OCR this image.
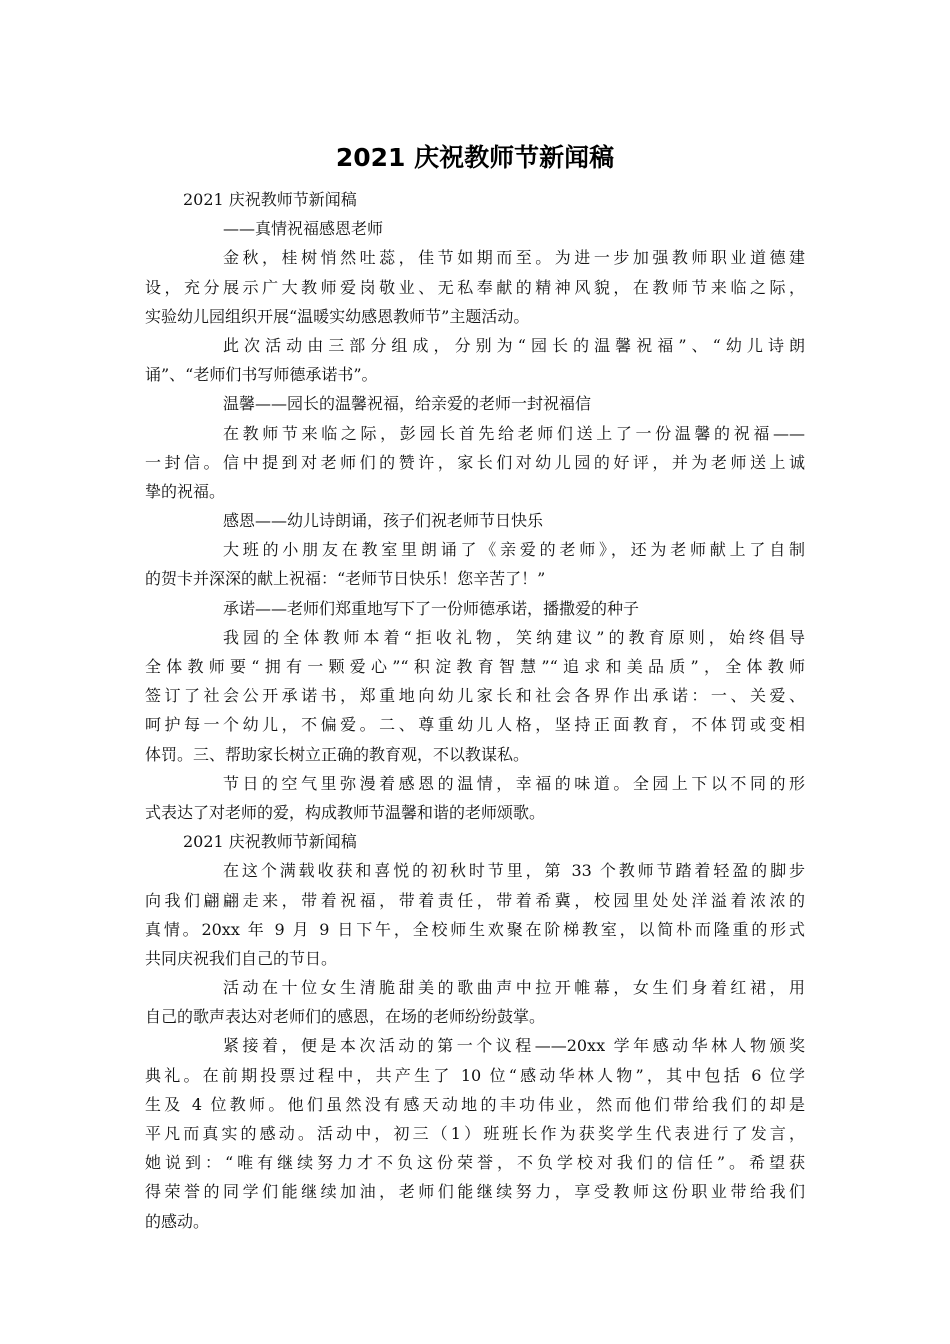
2021 庆祝教师节新闻稿

2021 庆祝教师节新闻稿

——真情祝福感恩老师

金秋，桂树悄然吐蕊，佳节如期而至。为进一步加强教师职业道德建

设，充分展示广大教师爱岗敬业、无私奉献的精神风貌，在教师节来临之际，

实验幼儿园组织开展“温暖实幼感恩教师节”主题活动。

此次活动由三部分组成，分别为“园长的温馨祝福”、“幼儿诗朗

诵”、“老师们书写师德承诺书”。

温馨——园长的温馨祝福，给亲爱的老师一封祝福信

在教师节来临之际，彭园长首先给老师们送上了一份温馨的祝福——

一封信。信中提到对老师们的赞许，家长们对幼儿园的好评，并为老师送上诚

挚的祝福。

感恩——幼儿诗朗诵，孩子们祝老师节日快乐

大班的小朋友在教室里朗诵了《亲爱的老师》，还为老师献上了自制

的贺卡并深深的献上祝福：“老师节日快乐！您辛苦了！”

承诺——老师们郑重地写下了一份师德承诺，播撒爱的种子

我园的全体教师本着“拒收礼物，笑纳建议”的教育原则，始终倡导

全体教师要“拥有一颗爱心”“积淀教育智慧”“追求和美品质”，全体教师

签订了社会公开承诺书，郑重地向幼儿家长和社会各界作出承诺：一、关爱、

呵护每一个幼儿，不偏爱。二、尊重幼儿人格，坚持正面教育，不体罚或变相

体罚。三、帮助家长树立正确的教育观，不以教谋私。

节日的空气里弥漫着感恩的温情，幸福的味道。全园上下以不同的形

式表达了对老师的爱，构成教师节温馨和谐的老师颂歌。

2021 庆祝教师节新闻稿

在这个满载收获和喜悦的初秋时节里，第 33 个教师节踏着轻盈的脚步

向我们翩翩走来，带着祝福，带着责任，带着希冀，校园里处处洋溢着浓浓的

真情。20xx 年 9 月 9 日下午，全校师生欢聚在阶梯教室，以简朴而隆重的形式

共同庆祝我们自己的节日。

活动在十位女生清脆甜美的歌曲声中拉开帷幕，女生们身着红裙，用

自己的歌声表达对老师们的感恩，在场的老师纷纷鼓掌。

紧接着，便是本次活动的第一个议程——20xx 学年感动华林人物颁奖

典礼。在前期投票过程中，共产生了 10 位“感动华林人物”，其中包括 6 位学

生及 4 位教师。他们虽然没有感天动地的丰功伟业，然而他们带给我们的却是

平凡而真实的感动。活动中，初三（1）班班长作为获奖学生代表进行了发言，

她说到：“唯有继续努力才不负这份荣誉，不负学校对我们的信任”。希望获

得荣誉的同学们能继续加油，老师们能继续努力，享受教师这份职业带给我们

的感动。
